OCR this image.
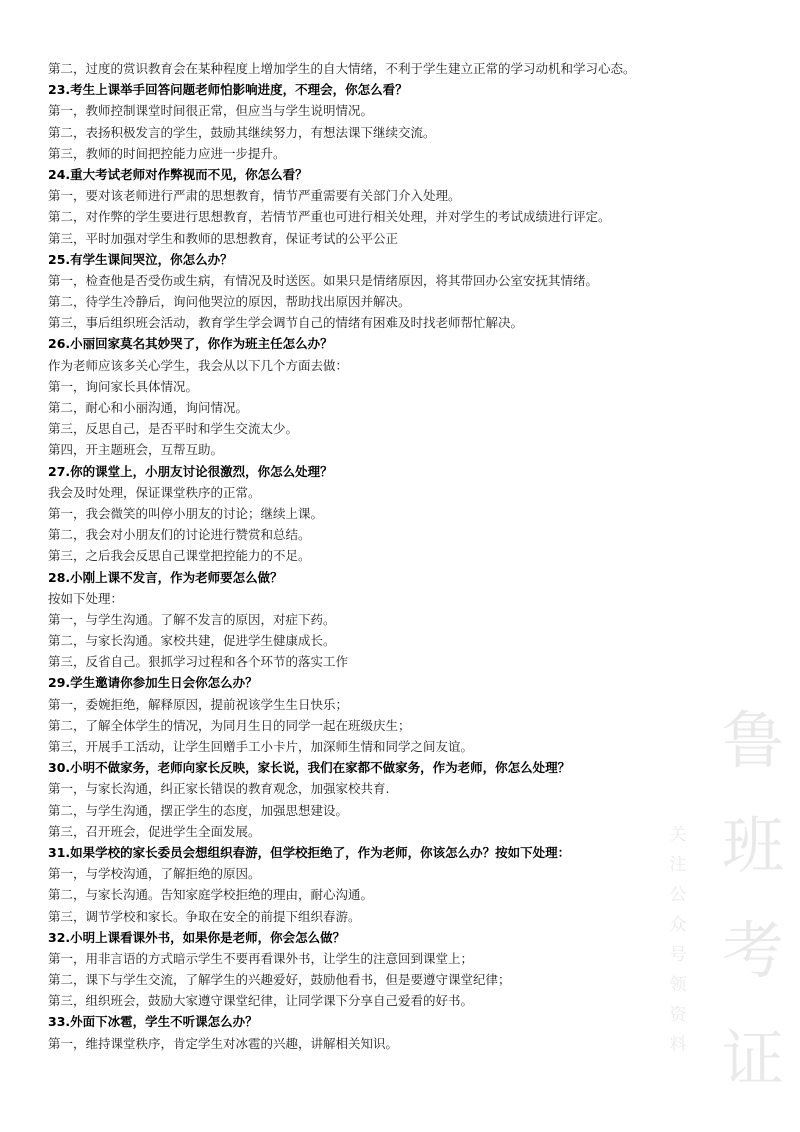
第二，过度的赏识教育会在某种程度上增加学生的自大情绪，不利于学生建立正常的学习动机和学习心态。
23.考生上课举手回答问题老师怕影响进度，不理会，你怎么看？
第一，教师控制课堂时间很正常，但应当与学生说明情况。
第二，表扬积极发言的学生，鼓励其继续努力，有想法课下继续交流。
第三，教师的时间把控能力应进一步提升。
24.重大考试老师对作弊视而不见，你怎么看？
第一，要对该老师进行严肃的思想教育，情节严重需要有关部门介入处理。
第二，对作弊的学生要进行思想教育，若情节严重也可进行相关处理，并对学生的考试成绩进行评定。
第三，平时加强对学生和教师的思想教育，保证考试的公平公正
25.有学生课间哭泣，你怎么办？
第一，检查他是否受伤或生病，有情况及时送医。如果只是情绪原因，将其带回办公室安抚其情绪。
第二，待学生冷静后，询问他哭泣的原因，帮助找出原因并解决。
第三，事后组织班会活动，教育学生学会调节自己的情绪有困难及时找老师帮忙解决。
26.小丽回家莫名其妙哭了，你作为班主任怎么办？
作为老师应该多关心学生，我会从以下几个方面去做：
第一，询问家长具体情况。
第二，耐心和小丽沟通，询问情况。
第三，反思自己，是否平时和学生交流太少。
第四，开主题班会，互帮互助。
27.你的课堂上，小朋友讨论很激烈，你怎么处理？
我会及时处理，保证课堂秩序的正常。
第一，我会微笑的叫停小朋友的讨论；继续上课。
第二，我会对小朋友们的讨论进行赞赏和总结。
第三，之后我会反思自己课堂把控能力的不足。
28.小刚上课不发言，作为老师要怎么做？
按如下处理：
第一，与学生沟通。了解不发言的原因，对症下药。
第二，与家长沟通。家校共建，促进学生健康成长。
第三，反省自己。狠抓学习过程和各个环节的落实工作
29.学生邀请你参加生日会你怎么办？
第一，委婉拒绝，解释原因，提前祝该学生生日快乐；
第二，了解全体学生的情况，为同月生日的同学一起在班级庆生；
第三，开展手工活动，让学生回赠手工小卡片，加深师生情和同学之间友谊。
30.小明不做家务，老师向家长反映，家长说，我们在家都不做家务，作为老师，你怎么处理？
第一，与家长沟通，纠正家长错误的教育观念，加强家校共育.
第二，与学生沟通，摆正学生的态度，加强思想建设。
第三，召开班会，促进学生全面发展。
31.如果学校的家长委员会想组织春游，但学校拒绝了，作为老师，你该怎么办？按如下处理：
第一，与学校沟通，了解拒绝的原因。
第二，与家长沟通。告知家庭学校拒绝的理由，耐心沟通。
第三，调节学校和家长。争取在安全的前提下组织春游。
32.小明上课看课外书，如果你是老师，你会怎么做？
第一，用非言语的方式暗示学生不要再看课外书，让学生的注意回到课堂上；
第二，课下与学生交流，了解学生的兴趣爱好，鼓励他看书，但是要遵守课堂纪律；
第三，组织班会，鼓励大家遵守课堂纪律，让同学课下分享自己爱看的好书。
33.外面下冰雹，学生不听课怎么办？
第一，维持课堂秩序，肯定学生对冰雹的兴趣，讲解相关知识。
鲁
班
考
证
关注公众号领资料
